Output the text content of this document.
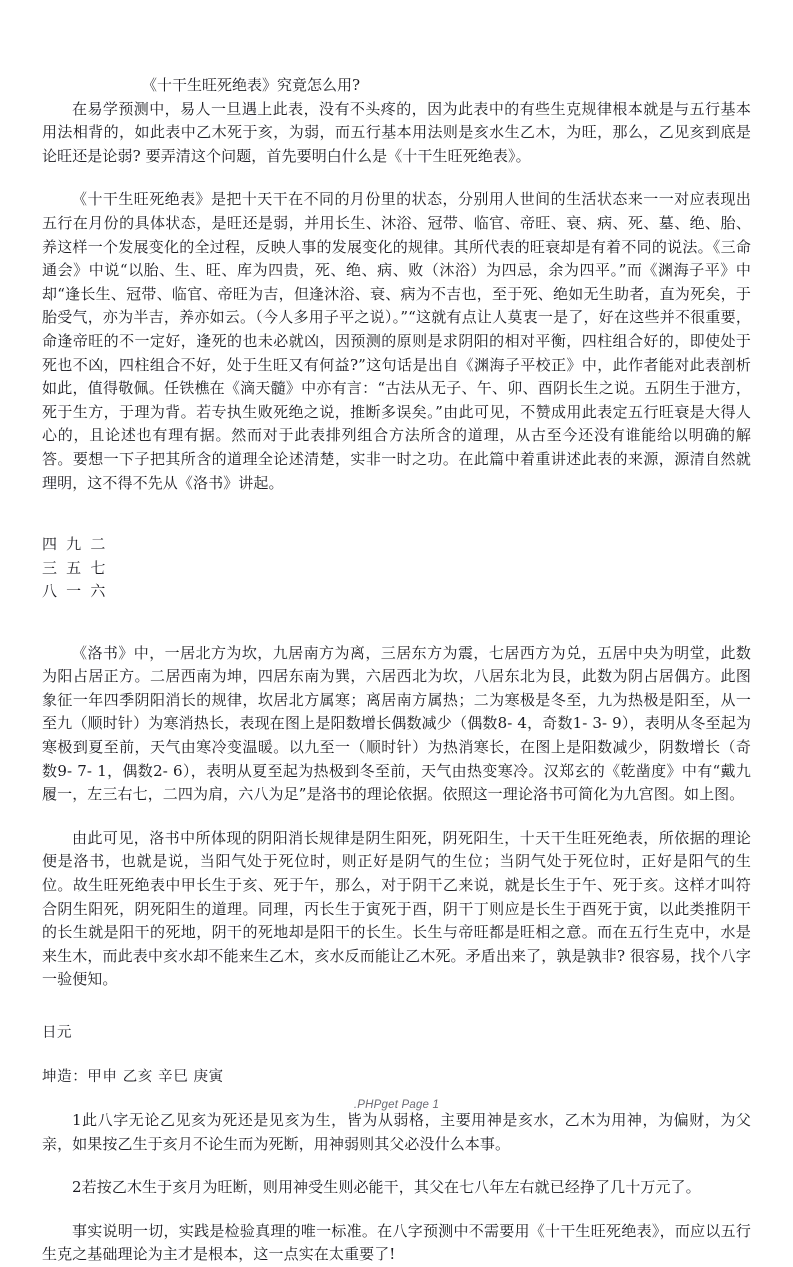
《十干生旺死绝表》究竟怎么用?

在易学预测中，易人一旦遇上此表，没有不头疼的，因为此表中的有些生克规律根本就是与五行基本用法相背的，如此表中乙木死于亥，为弱，而五行基本用法则是亥水生乙木，为旺，那么，乙见亥到底是论旺还是论弱? 要弄清这个问题，首先要明白什么是《十干生旺死绝表》。

《十干生旺死绝表》是把十天干在不同的月份里的状态，分别用人世间的生活状态来一一对应表现出五行在月份的具体状态，是旺还是弱，并用长生、沐浴、冠带、临官、帝旺、衰、病、死、墓、绝、胎、养这样一个发展变化的全过程，反映人事的发展变化的规律。其所代表的旺衰却是有着不同的说法。《三命通会》中说“以胎、生、旺、库为四贵，死、绝、病、败（沐浴）为四忌，余为四平。”而《渊海子平》中却“逢长生、冠带、临官、帝旺为吉，但逢沐浴、衰、病为不吉也，至于死、绝如无生助者，直为死矣，于胎受气，亦为半吉，养亦如云。（今人多用子平之说）。”“这就有点让人莫衷一是了，好在这些并不很重要，命逢帝旺的不一定好，逢死的也未必就凶，因预测的原则是求阴阳的相对平衡，四柱组合好的，即使处于死也不凶，四柱组合不好，处于生旺又有何益?”这句话是出自《渊海子平校正》中，此作者能对此表剖析如此，值得敬佩。任铁樵在《滴天髓》中亦有言：“古法从无子、午、卯、酉阴长生之说。五阴生于泄方，死于生方，于理为背。若专执生败死绝之说，推断多误矣。”由此可见，不赞成用此表定五行旺衰是大得人心的，且论述也有理有据。然而对于此表排列组合方法所含的道理，从古至今还没有谁能给以明确的解答。要想一下子把其所含的道理全论述清楚，实非一时之功。在此篇中着重讲述此表的来源，源清自然就理明，这不得不先从《洛书》讲起。

四 九 二
三 五 七
八 一 六

《洛书》中，一居北方为坎，九居南方为离，三居东方为震，七居西方为兑，五居中央为明堂，此数为阳占居正方。二居西南为坤，四居东南为巽，六居西北为坎，八居东北为艮，此数为阴占居偶方。此图象征一年四季阴阳消长的规律，坎居北方属寒；离居南方属热；二为寒极是冬至，九为热极是阳至，从一至九（顺时针）为寒消热长，表现在图上是阳数增长偶数减少（偶数8- 4，奇数1- 3- 9），表明从冬至起为寒极到夏至前，天气由寒冷变温暖。以九至一（顺时针）为热消寒长，在图上是阳数减少，阴数增长（奇数9- 7- 1，偶数2- 6），表明从夏至起为热极到冬至前，天气由热变寒冷。汉郑玄的《乾凿度》中有“戴九履一，左三右七，二四为肩，六八为足”是洛书的理论依据。依照这一理论洛书可简化为九宫图。如上图。

由此可见，洛书中所体现的阴阳消长规律是阴生阳死，阴死阳生，十天干生旺死绝表，所依据的理论便是洛书，也就是说，当阳气处于死位时，则正好是阴气的生位；当阴气处于死位时，正好是阳气的生位。故生旺死绝表中甲长生于亥、死于午，那么，对于阴干乙来说，就是长生于午、死于亥。这样才叫符合阴生阳死，阴死阳生的道理。同理，丙长生于寅死于酉，阴干丁则应是长生于酉死于寅，以此类推阴干的长生就是阳干的死地，阴干的死地却是阳干的长生。长生与帝旺都是旺相之意。而在五行生克中，水是来生木，而此表中亥水却不能来生乙木，亥水反而能让乙木死。矛盾出来了，孰是孰非? 很容易，找个八字一验便知。

日元

坤造：甲申 乙亥 辛巳 庚寅

1此八字无论乙见亥为死还是见亥为生，皆为从弱格，主要用神是亥水，乙木为用神，为偏财，为父亲，如果按乙生于亥月不论生而为死断，用神弱则其父必没什么本事。

2若按乙木生于亥月为旺断，则用神受生则必能干，其父在七八年左右就已经挣了几十万元了。

事实说明一切，实践是检验真理的唯一标准。在八字预测中不需要用《十干生旺死绝表》，而应以五行生克之基础理论为主才是根本，这一点实在太重要了!

.PHPget Page 1
